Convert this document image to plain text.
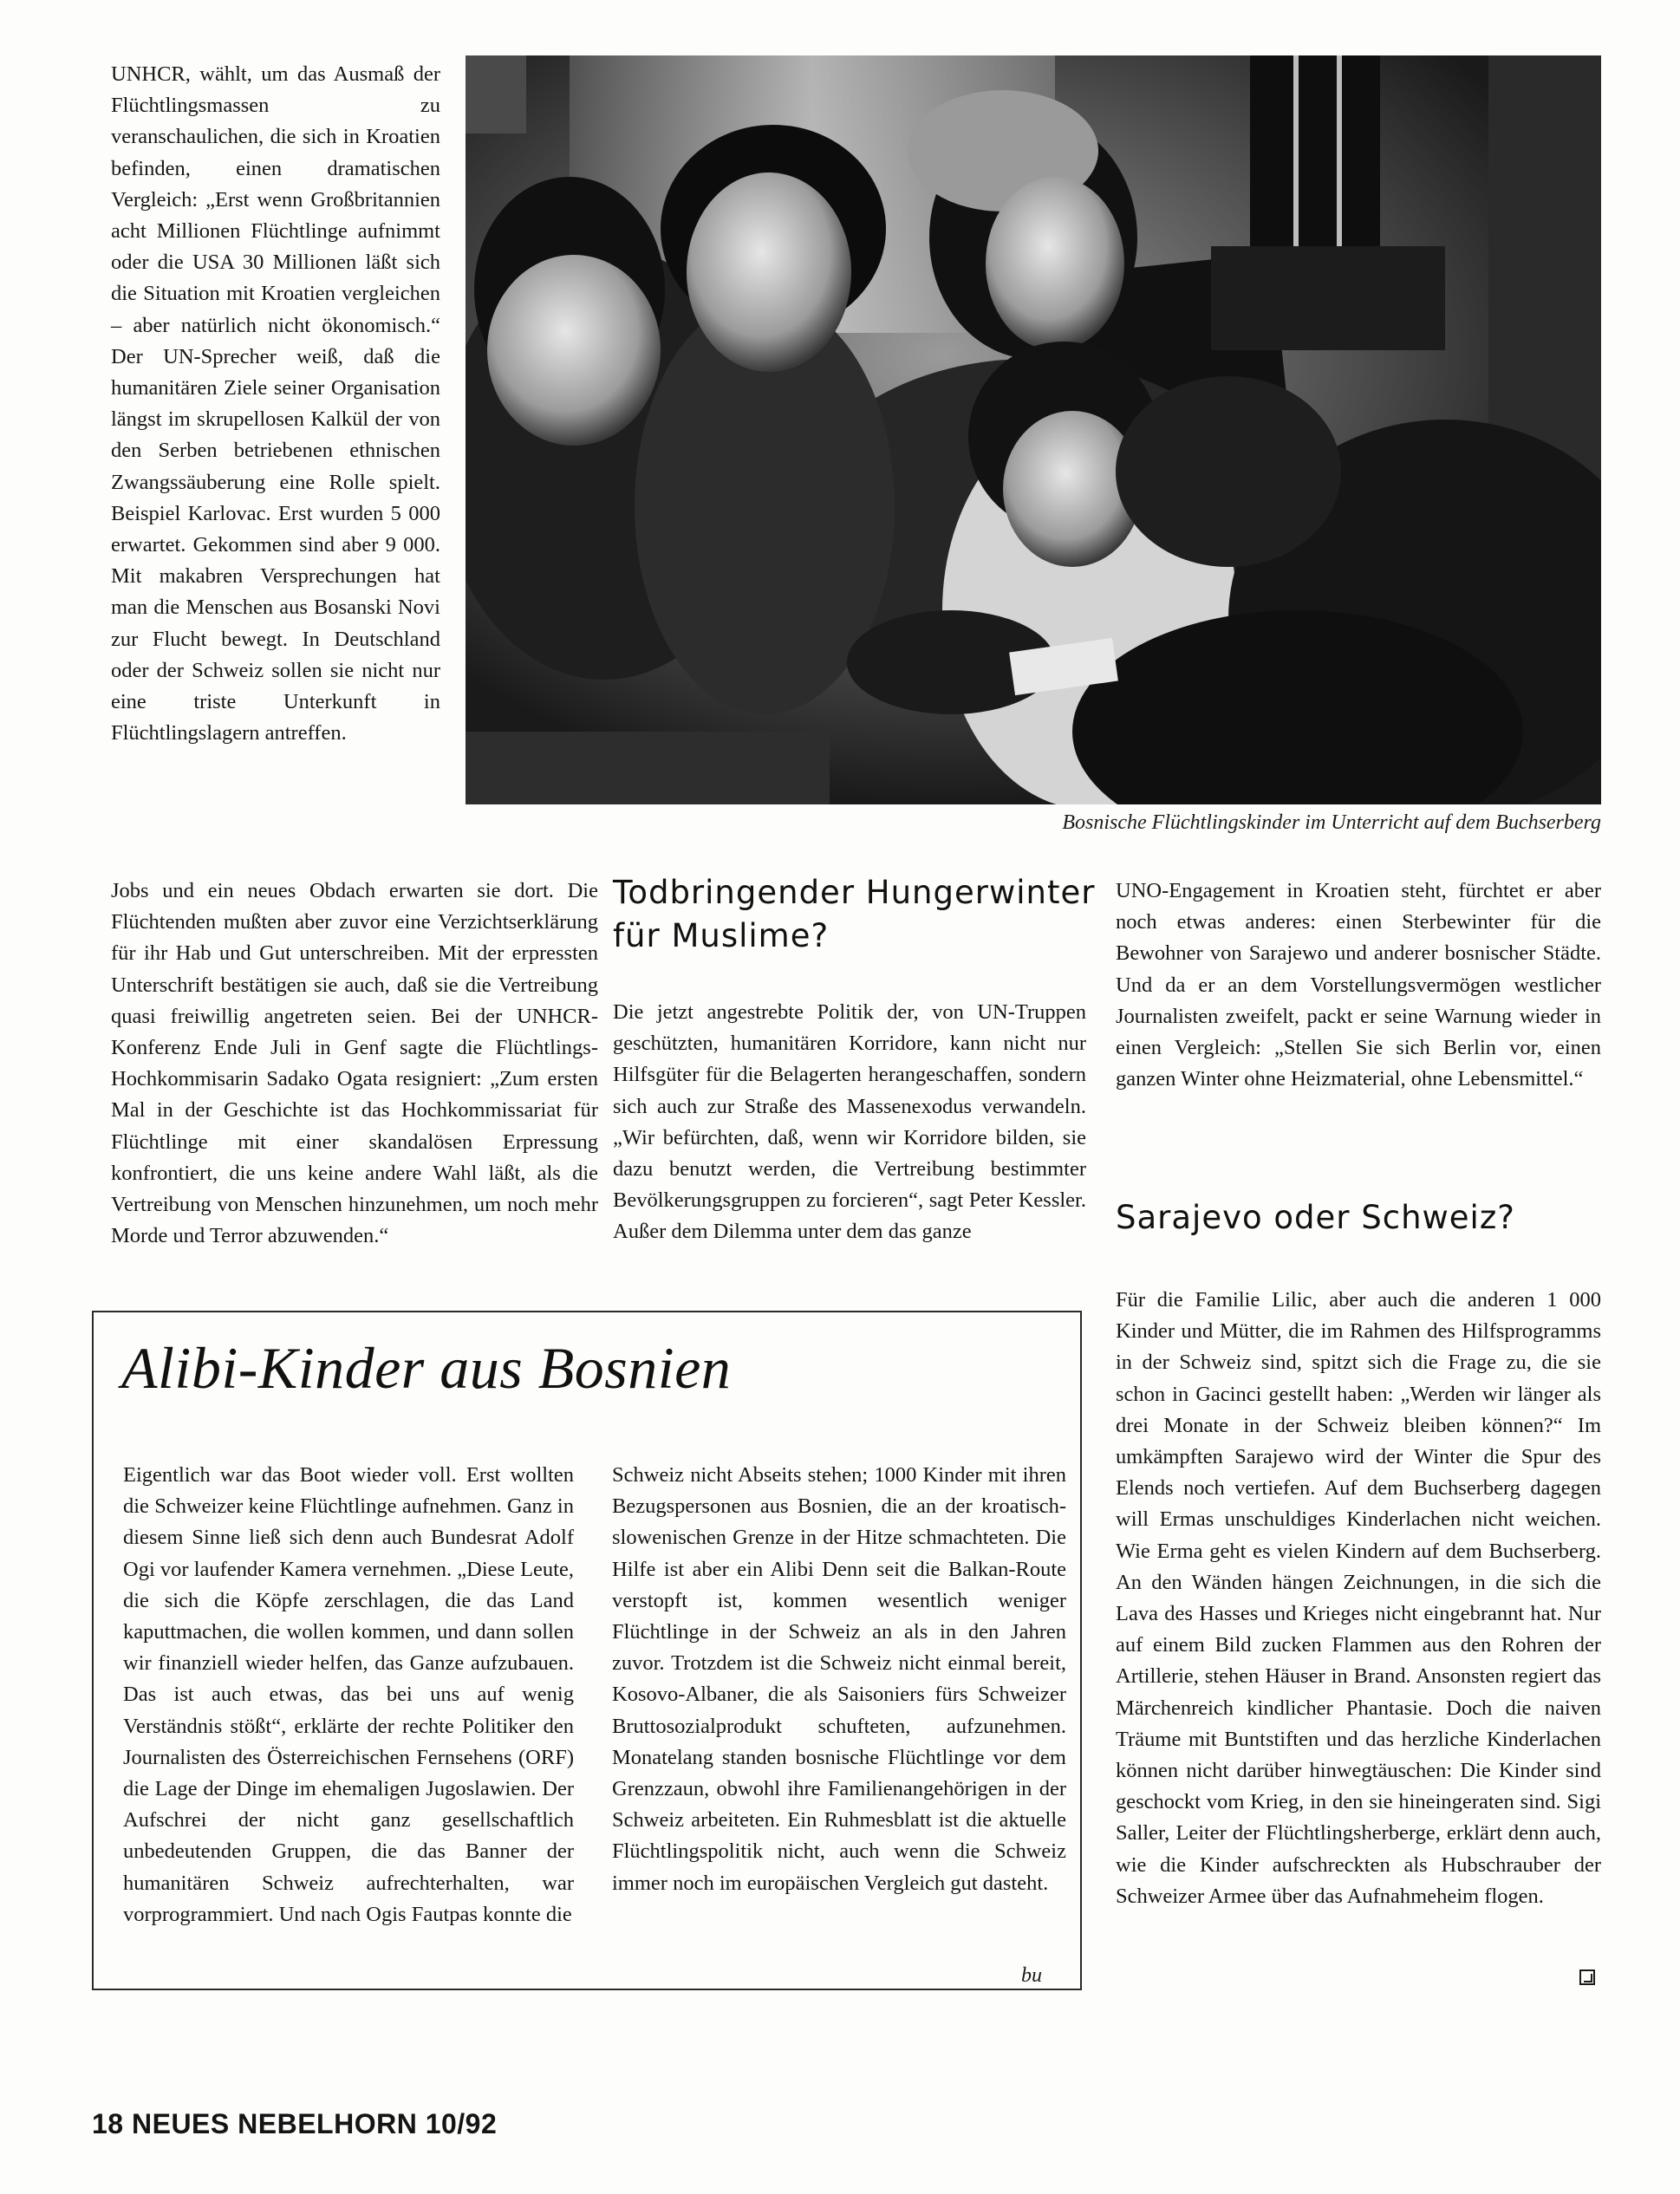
UNHCR, wählt, um das Ausmaß der Flüchtlingsmassen zu veranschaulichen, die sich in Kroatien befinden, einen dramatischen Vergleich: „Erst wenn Großbritannien acht Millionen Flüchtlinge aufnimmt oder die USA 30 Millionen läßt sich die Situation mit Kroatien vergleichen – aber natürlich nicht ökonomisch.“ Der UN-Sprecher weiß, daß die humanitären Ziele seiner Organisation längst im skrupellosen Kalkül der von den Serben betriebenen ethnischen Zwangssäuberung eine Rolle spielt. Beispiel Karlovac. Erst wurden 5 000 erwartet. Gekommen sind aber 9 000. Mit makabren Versprechungen hat man die Menschen aus Bosanski Novi zur Flucht bewegt. In Deutschland oder der Schweiz sollen sie nicht nur eine triste Unterkunft in Flüchtlingslagern antreffen.

Bosnische Flüchtlingskinder im Unterricht auf dem Buchserberg

Jobs und ein neues Obdach erwarten sie dort. Die Flüchtenden mußten aber zuvor eine Verzichtserklärung für ihr Hab und Gut unterschreiben. Mit der erpressten Unterschrift bestätigen sie auch, daß sie die Vertreibung quasi freiwillig angetreten seien. Bei der UNHCR-Konferenz Ende Juli in Genf sagte die Flüchtlings-Hochkommisarin Sadako Ogata resigniert: „Zum ersten Mal in der Geschichte ist das Hochkommissariat für Flüchtlinge mit einer skandalösen Erpressung konfrontiert, die uns keine andere Wahl läßt, als die Vertreibung von Menschen hinzunehmen, um noch mehr Morde und Terror abzuwenden.“

Todbringender Hungerwinter für Muslime?

Die jetzt angestrebte Politik der, von UN-Truppen geschützten, humanitären Korridore, kann nicht nur Hilfsgüter für die Belagerten herangeschaffen, sondern sich auch zur Straße des Massenexodus verwandeln. „Wir befürchten, daß, wenn wir Korridore bilden, sie dazu benutzt werden, die Vertreibung bestimmter Bevölkerungsgruppen zu forcieren“, sagt Peter Kessler. Außer dem Dilemma unter dem das ganze

UNO-Engagement in Kroatien steht, fürchtet er aber noch etwas anderes: einen Sterbewinter für die Bewohner von Sarajewo und anderer bosnischer Städte. Und da er an dem Vorstellungsvermögen westlicher Journalisten zweifelt, packt er seine Warnung wieder in einen Vergleich: „Stellen Sie sich Berlin vor, einen ganzen Winter ohne Heizmaterial, ohne Lebensmittel.“

Sarajevo oder Schweiz?

Für die Familie Lilic, aber auch die anderen 1 000 Kinder und Mütter, die im Rahmen des Hilfsprogramms in der Schweiz sind, spitzt sich die Frage zu, die sie schon in Gacinci gestellt haben: „Werden wir länger als drei Monate in der Schweiz bleiben können?“ Im umkämpften Sarajewo wird der Winter die Spur des Elends noch vertiefen. Auf dem Buchserberg dagegen will Ermas unschuldiges Kinderlachen nicht weichen. Wie Erma geht es vielen Kindern auf dem Buchserberg. An den Wänden hängen Zeichnungen, in die sich die Lava des Hasses und Krieges nicht eingebrannt hat. Nur auf einem Bild zucken Flammen aus den Rohren der Artillerie, stehen Häuser in Brand. Ansonsten regiert das Märchenreich kindlicher Phantasie. Doch die naiven Träume mit Buntstiften und das herzliche Kinderlachen können nicht darüber hinwegtäuschen: Die Kinder sind geschockt vom Krieg, in den sie hineingeraten sind. Sigi Saller, Leiter der Flüchtlingsherberge, erklärt denn auch, wie die Kinder aufschreckten als Hubschrauber der Schweizer Armee über das Aufnahmeheim flogen.

Alibi-Kinder aus Bosnien

Eigentlich war das Boot wieder voll. Erst wollten die Schweizer keine Flüchtlinge aufnehmen. Ganz in diesem Sinne ließ sich denn auch Bundesrat Adolf Ogi vor laufender Kamera vernehmen. „Diese Leute, die sich die Köpfe zerschlagen, die das Land kaputtmachen, die wollen kommen, und dann sollen wir finanziell wieder helfen, das Ganze aufzubauen. Das ist auch etwas, das bei uns auf wenig Verständnis stößt“, erklärte der rechte Politiker den Journalisten des Österreichischen Fernsehens (ORF) die Lage der Dinge im ehemaligen Jugoslawien. Der Aufschrei der nicht ganz gesellschaftlich unbedeutenden Gruppen, die das Banner der humanitären Schweiz aufrechterhalten, war vorprogrammiert. Und nach Ogis Fautpas konnte die

Schweiz nicht Abseits stehen; 1000 Kinder mit ihren Bezugspersonen aus Bosnien, die an der kroatisch-slowenischen Grenze in der Hitze schmachteten. Die Hilfe ist aber ein Alibi Denn seit die Balkan-Route verstopft ist, kommen wesentlich weniger Flüchtlinge in der Schweiz an als in den Jahren zuvor. Trotzdem ist die Schweiz nicht einmal bereit, Kosovo-Albaner, die als Saisoniers fürs Schweizer Bruttosozialprodukt schufteten, aufzunehmen. Monatelang standen bosnische Flüchtlinge vor dem Grenzzaun, obwohl ihre Familienangehörigen in der Schweiz arbeiteten. Ein Ruhmesblatt ist die aktuelle Flüchtlingspolitik nicht, auch wenn die Schweiz immer noch im europäischen Vergleich gut dasteht.

bu

18 NEUES NEBELHORN 10/92
